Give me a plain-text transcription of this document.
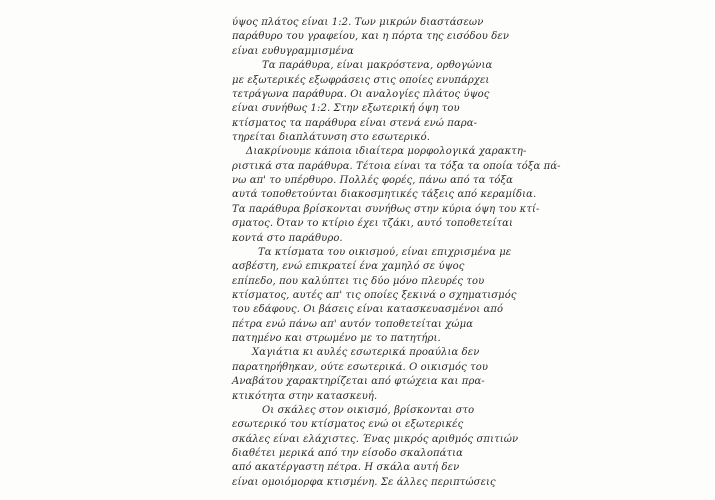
ύψος πλάτος είναι 1:2. Των μικρών διαστάσεων

παράθυρο του γραφείου, και η πόρτα της εισόδου δεν

είναι ευθυγραμμισμένα

Τα παράθυρα, είναι μακρόστενα, ορθογώνια

με εξωτερικές εξωφράσεις στις οποίες ενυπάρχει

τετράγωνα παράθυρα. Οι αναλογίες πλάτος ύψος

είναι συνήθως 1:2. Στην εξωτερική όψη του

κτίσματος τα παράθυρα είναι στενά ενώ παρα-

τηρείται διαπλάτυνση στο εσωτερικό.

Διακρίνουμε κάποια ιδιαίτερα μορφολογικά χαρακτη-

ριστικά στα παράθυρα. Τέτοια είναι τα τόξα τα οποία τόξα πά-

νω απ' το υπέρθυρο. Πολλές φορές, πάνω από τα τόξα

αυτά τοποθετούνται διακοσμητικές τάξεις από κεραμίδια.

Τα παράθυρα βρίσκονται συνήθως στην κύρια όψη του κτί-

σματος. Όταν το κτίριο έχει τζάκι, αυτό τοποθετείται

κοντά στο παράθυρο.

Τα κτίσματα του οικισμού, είναι επιχρισμένα με

ασβέστη, ενώ επικρατεί ένα χαμηλό σε ύψος

επίπεδο, που καλύπτει τις δύο μόνο πλευρές του

κτίσματος, αυτές απ' τις οποίες ξεκινά ο σχηματισμός

του εδάφους. Οι βάσεις είναι κατασκευασμένοι από

πέτρα ενώ πάνω απ' αυτόν τοποθετείται χώμα

πατημένο και στρωμένο με το πατητήρι.

Χαγιάτια κι αυλές εσωτερικά προαύλια δεν

παρατηρήθηκαν, ούτε εσωτερικά. Ο οικισμός του

Αναβάτου χαρακτηρίζεται από φτώχεια και πρα-

κτικότητα στην κατασκευή.

Οι σκάλες στον οικισμό, βρίσκονται στο

εσωτερικό του κτίσματος ενώ οι εξωτερικές

σκάλες είναι ελάχιστες. Ένας μικρός αριθμός σπιτιών

διαθέτει μερικά από την είσοδο σκαλοπάτια

από ακατέργαστη πέτρα. Η σκάλα αυτή δεν

είναι ομοιόμορφα κτισμένη. Σε άλλες περιπτώσεις
